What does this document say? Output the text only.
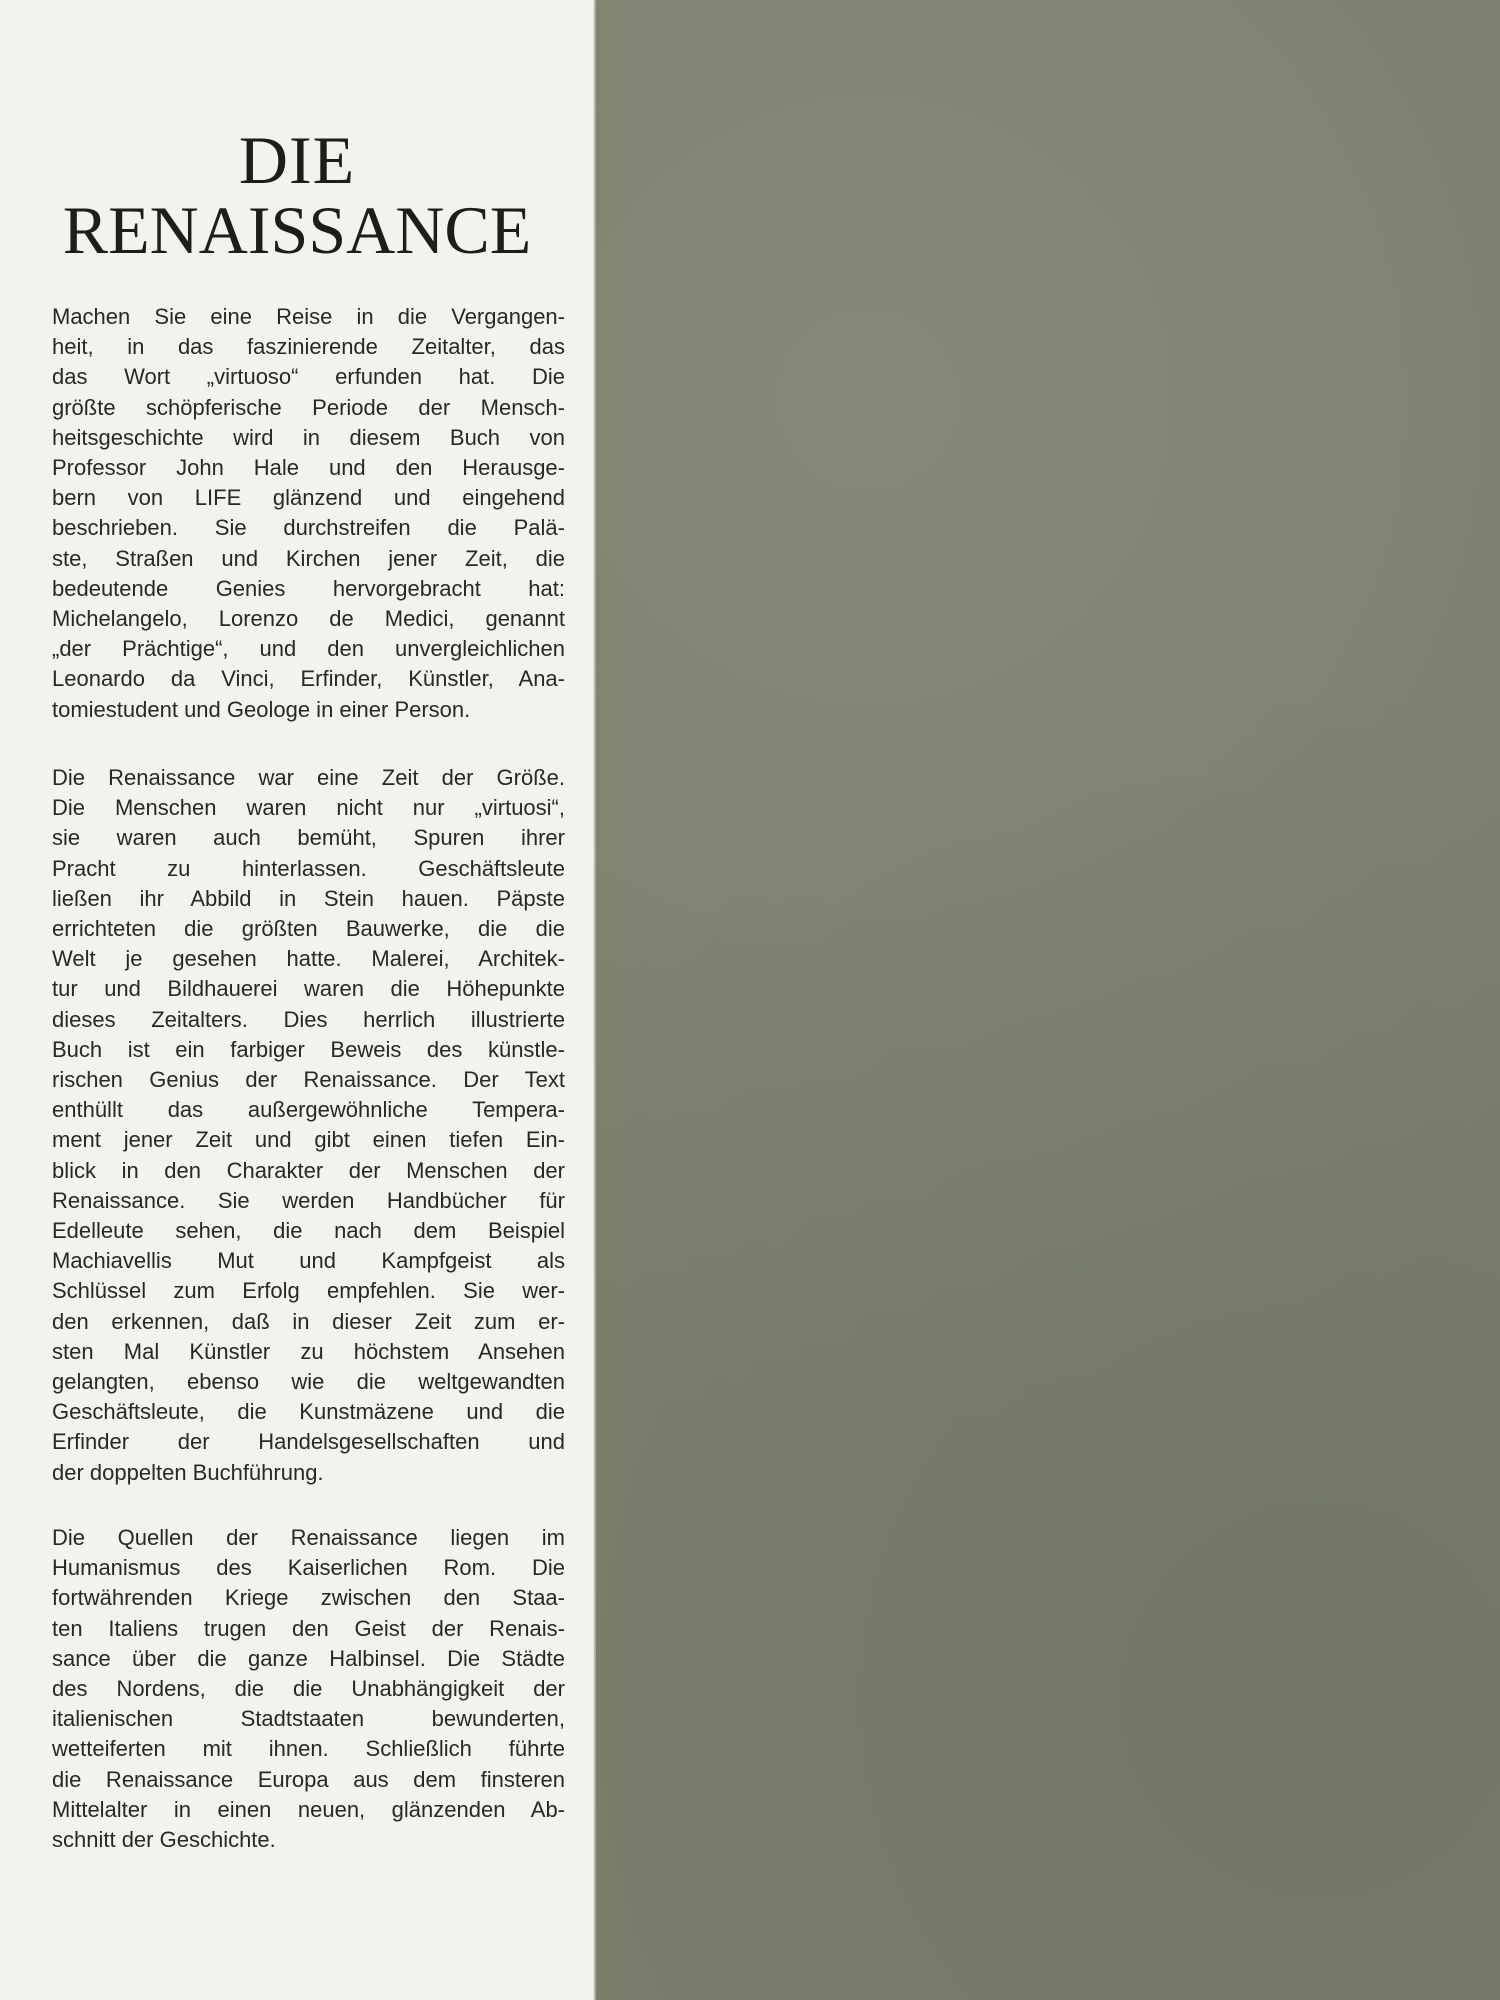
DIE
RENAISSANCE

Machen Sie eine Reise in die Vergangen-
heit, in das faszinierende Zeitalter, das
das Wort „virtuoso“ erfunden hat. Die
größte schöpferische Periode der Mensch-
heitsgeschichte wird in diesem Buch von
Professor John Hale und den Herausge-
bern von LIFE glänzend und eingehend
beschrieben. Sie durchstreifen die Palä-
ste, Straßen und Kirchen jener Zeit, die
bedeutende Genies hervorgebracht hat:
Michelangelo, Lorenzo de Medici, genannt
„der Prächtige“, und den unvergleichlichen
Leonardo da Vinci, Erfinder, Künstler, Ana-
tomiestudent und Geologe in einer Person.

Die Renaissance war eine Zeit der Größe.
Die Menschen waren nicht nur „virtuosi“,
sie waren auch bemüht, Spuren ihrer
Pracht zu hinterlassen. Geschäftsleute
ließen ihr Abbild in Stein hauen. Päpste
errichteten die größten Bauwerke, die die
Welt je gesehen hatte. Malerei, Architek-
tur und Bildhauerei waren die Höhepunkte
dieses Zeitalters. Dies herrlich illustrierte
Buch ist ein farbiger Beweis des künstle-
rischen Genius der Renaissance. Der Text
enthüllt das außergewöhnliche Tempera-
ment jener Zeit und gibt einen tiefen Ein-
blick in den Charakter der Menschen der
Renaissance. Sie werden Handbücher für
Edelleute sehen, die nach dem Beispiel
Machiavellis Mut und Kampfgeist als
Schlüssel zum Erfolg empfehlen. Sie wer-
den erkennen, daß in dieser Zeit zum er-
sten Mal Künstler zu höchstem Ansehen
gelangten, ebenso wie die weltgewandten
Geschäftsleute, die Kunstmäzene und die
Erfinder der Handelsgesellschaften und
der doppelten Buchführung.

Die Quellen der Renaissance liegen im
Humanismus des Kaiserlichen Rom. Die
fortwährenden Kriege zwischen den Staa-
ten Italiens trugen den Geist der Renais-
sance über die ganze Halbinsel. Die Städte
des Nordens, die die Unabhängigkeit der
italienischen Stadtstaaten bewunderten,
wetteiferten mit ihnen. Schließlich führte
die Renaissance Europa aus dem finsteren
Mittelalter in einen neuen, glänzenden Ab-
schnitt der Geschichte.
